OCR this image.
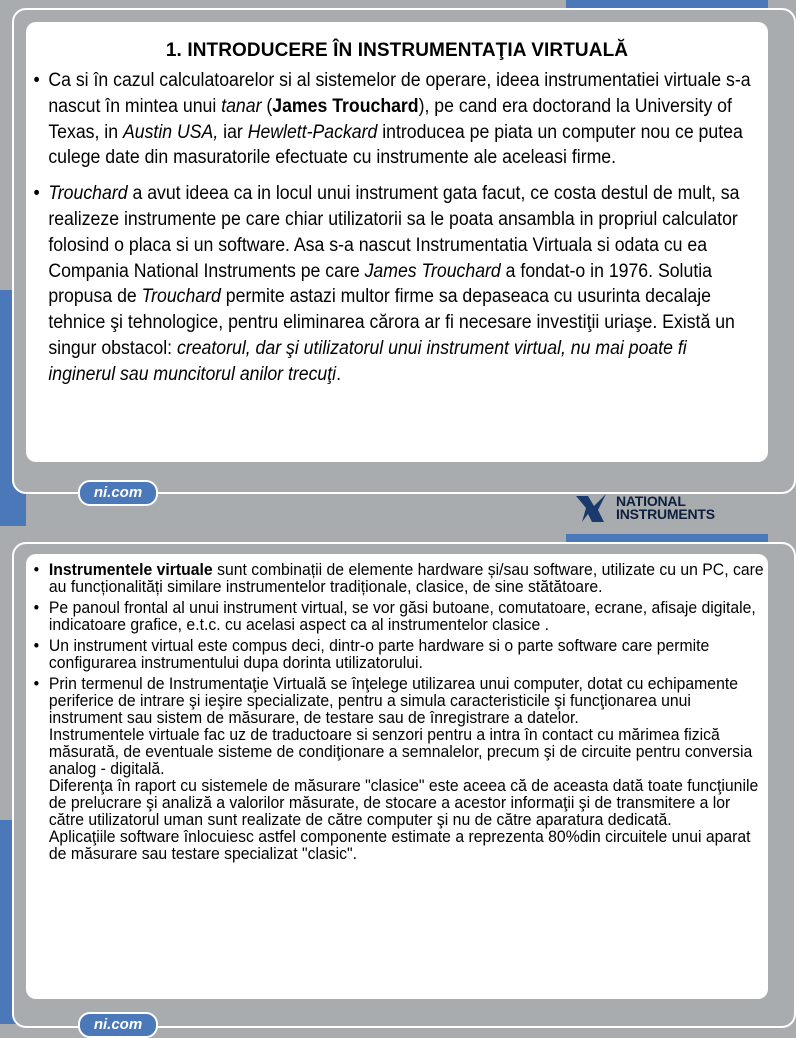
1. INTRODUCERE ÎN INSTRUMENTAŢIA VIRTUALĂ
• Ca si în cazul calculatoarelor si al sistemelor de operare, ideea instrumentatiei virtuale s-a nascut în mintea unui tanar (James Trouchard), pe cand era doctorand la University of Texas, in Austin USA, iar Hewlett-Packard introducea pe piata un computer nou ce putea culege date din masuratorile efectuate cu instrumente ale aceleasi firme.
• Trouchard a avut ideea ca in locul unui instrument gata facut, ce costa destul de mult, sa realizeze instrumente pe care chiar utilizatorii sa le poata ansambla in propriul calculator folosind o placa si un software. Asa s-a nascut Instrumentatia Virtuala si odata cu ea Compania National Instruments pe care James Trouchard a fondat-o in 1976. Solutia propusa de Trouchard permite astazi multor firme sa depaseaca cu usurinta decalaje tehnice şi tehnologice, pentru eliminarea cărora ar fi necesare investiţii uriaşe. Există un singur obstacol: creatorul, dar şi utilizatorul unui instrument virtual, nu mai poate fi inginerul sau muncitorul anilor trecuţi.
ni.com	NATIONAL
INSTRUMENTS
• Instrumentele virtuale sunt combinații de elemente hardware și/sau software, utilizate cu un PC, care au funcționalități similare instrumentelor tradiționale, clasice, de sine stătătoare.
• Pe panoul frontal al unui instrument virtual, se vor găsi butoane, comutatoare, ecrane, afisaje digitale, indicatoare grafice, e.t.c. cu acelasi aspect ca al instrumentelor clasice .
• Un instrument virtual este compus deci, dintr-o parte hardware si o parte software care permite configurarea instrumentului dupa dorinta utilizatorului.
• Prin termenul de Instrumentaţie Virtuală se înţelege utilizarea unui computer, dotat cu echipamente periferice de intrare şi ieşire specializate, pentru a simula caracteristicile şi funcţionarea unui instrument sau sistem de măsurare, de testare sau de înregistrare a datelor.
Instrumentele virtuale fac uz de traductoare si senzori pentru a intra în contact cu mărimea fizică măsurată, de eventuale sisteme de condiţionare a semnalelor, precum şi de circuite pentru conversia analog - digitală.
Diferenţa în raport cu sistemele de măsurare "clasice" este aceea că de aceasta dată toate funcţiunile de prelucrare şi analiză a valorilor măsurate, de stocare a acestor informaţii şi de transmitere a lor către utilizatorul uman sunt realizate de către computer şi nu de către aparatura dedicată.
Aplicaţiile software înlocuiesc astfel componente estimate a reprezenta 80%din circuitele unui aparat de măsurare sau testare specializat "clasic".
ni.com
